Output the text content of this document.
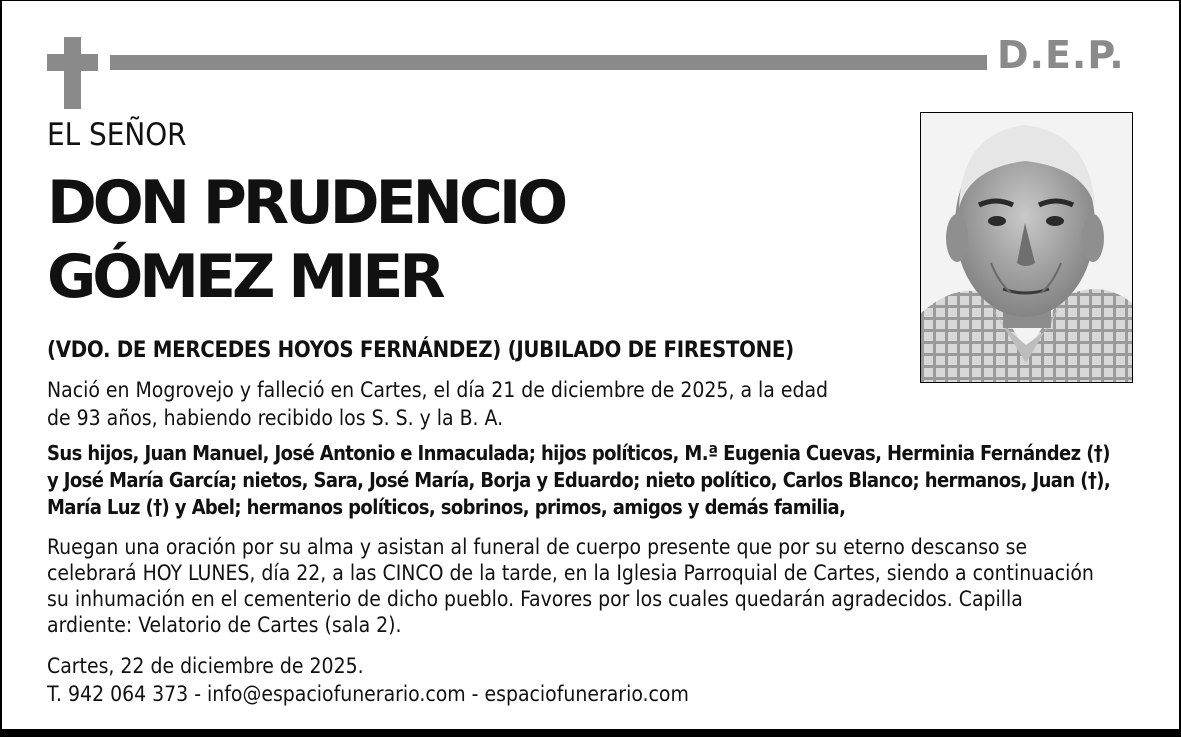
D.E.P.
EL SEÑOR
DON PRUDENCIO
GÓMEZ MIER
(VDO. DE MERCEDES HOYOS FERNÁNDEZ) (JUBILADO DE FIRESTONE)
Nació en Mogrovejo y falleció en Cartes, el día 21 de diciembre de 2025, a la edad
de 93 años, habiendo recibido los S. S. y la B. A.
Sus hijos, Juan Manuel, José Antonio e Inmaculada; hijos políticos, M.ª Eugenia Cuevas, Herminia Fernández (†)
y José María García; nietos, Sara, José María, Borja y Eduardo; nieto político, Carlos Blanco; hermanos, Juan (†),
María Luz (†) y Abel; hermanos políticos, sobrinos, primos, amigos y demás familia,
Ruegan una oración por su alma y asistan al funeral de cuerpo presente que por su eterno descanso se
celebrará HOY LUNES, día 22, a las CINCO de la tarde, en la Iglesia Parroquial de Cartes, siendo a continuación
su inhumación en el cementerio de dicho pueblo. Favores por los cuales quedarán agradecidos. Capilla
ardiente: Velatorio de Cartes (sala 2).
Cartes, 22 de diciembre de 2025.
T. 942 064 373 - info@espaciofunerario.com - espaciofunerario.com
